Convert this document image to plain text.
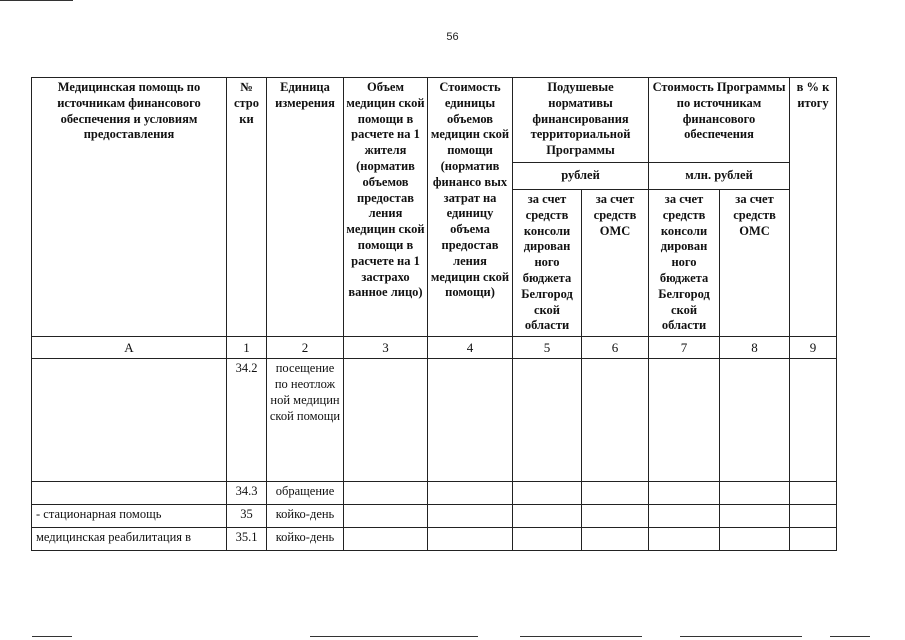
56
Медицинская помощь по источникам финансового обеспечения и условиям предоставления	№ стро ки	Единица измерения	Объем медицин ской помощи в расчете на 1 жителя (норматив объемов предостав ления медицин ской помощи в расчете на 1 застрахо ванное лицо)	Стоимость единицы объемов медицин ской помощи (норматив финансо вых затрат на единицу объема предостав ления медицин ской помощи)	Подушевые нормативы финансирования территориальной Программы		Стоимость Программы по источникам финансового обеспечения		в % к итогу
					рублей		млн. рублей		
					за счет средств консоли дирован ного бюджета Белгород ской области	за счет средств ОМС	за счет средств консоли дирован ного бюджета Белгород ской области	за счет средств ОМС	
А	1	2	3	4	5	6	7	8	9
	34.2	посещение по неотлож ной медицин ской помощи							
	34.3	обращение							
- стационарная помощь	35	койко-день							
медицинская реабилитация в	35.1	койко-день							
